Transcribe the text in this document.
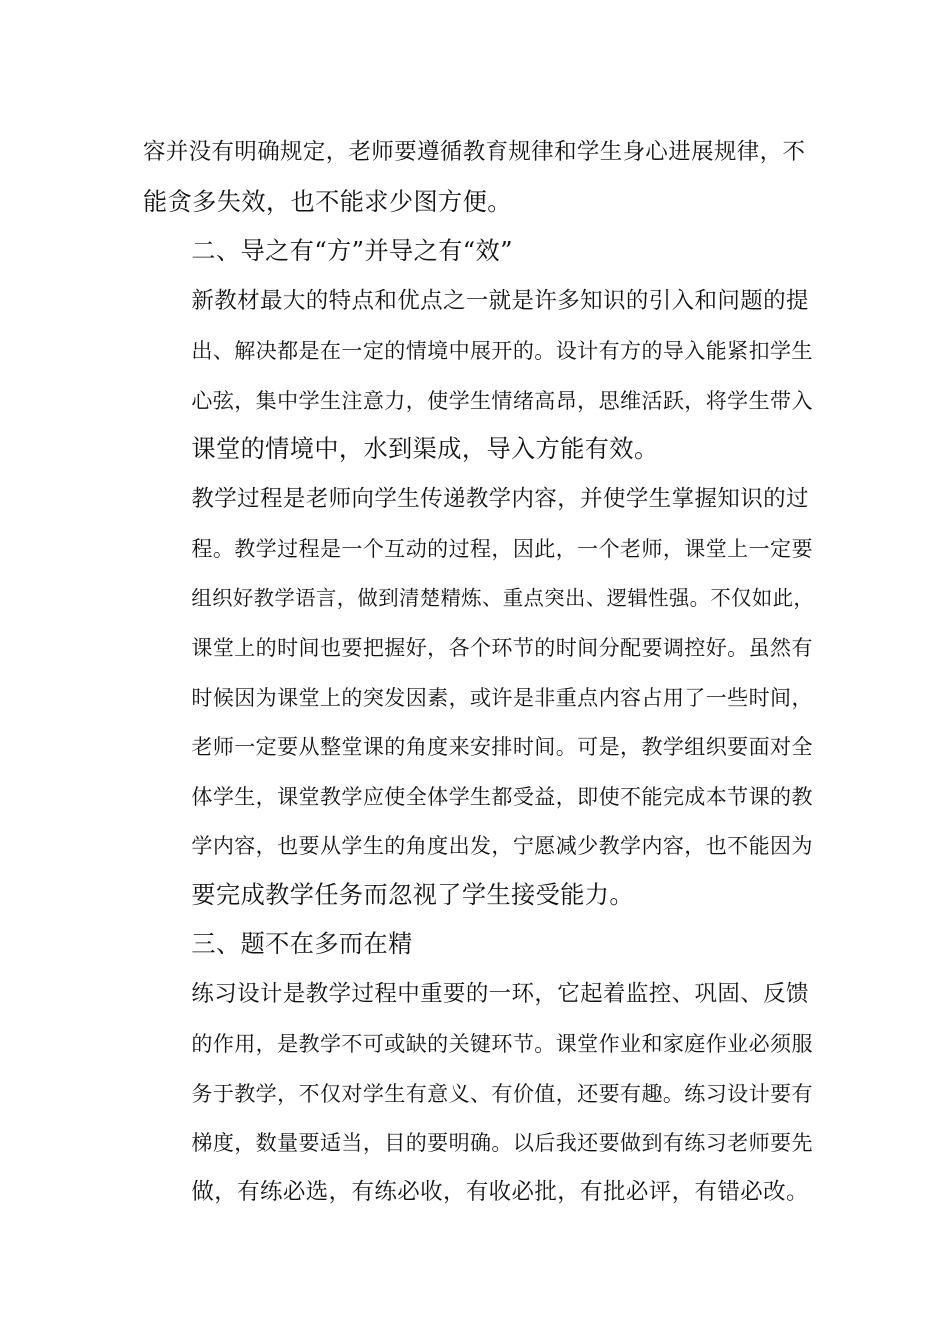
容并没有明确规定，老师要遵循教育规律和学生身心进展规律，不
能贪多失效，也不能求少图方便。
二、导之有“方”并导之有“效”
新教材最大的特点和优点之一就是许多知识的引入和问题的提
出、解决都是在一定的情境中展开的。设计有方的导入能紧扣学生
心弦，集中学生注意力，使学生情绪高昂，思维活跃，将学生带入
课堂的情境中，水到渠成，导入方能有效。
教学过程是老师向学生传递教学内容，并使学生掌握知识的过
程。教学过程是一个互动的过程，因此，一个老师，课堂上一定要
组织好教学语言，做到清楚精炼、重点突出、逻辑性强。不仅如此，
课堂上的时间也要把握好，各个环节的时间分配要调控好。虽然有
时候因为课堂上的突发因素，或许是非重点内容占用了一些时间，
老师一定要从整堂课的角度来安排时间。可是，教学组织要面对全
体学生，课堂教学应使全体学生都受益，即使不能完成本节课的教
学内容，也要从学生的角度出发，宁愿减少教学内容，也不能因为
要完成教学任务而忽视了学生接受能力。
三、题不在多而在精
练习设计是教学过程中重要的一环，它起着监控、巩固、反馈
的作用，是教学不可或缺的关键环节。课堂作业和家庭作业必须服
务于教学，不仅对学生有意义、有价值，还要有趣。练习设计要有
梯度，数量要适当，目的要明确。以后我还要做到有练习老师要先
做，有练必选，有练必收，有收必批，有批必评，有错必改。
